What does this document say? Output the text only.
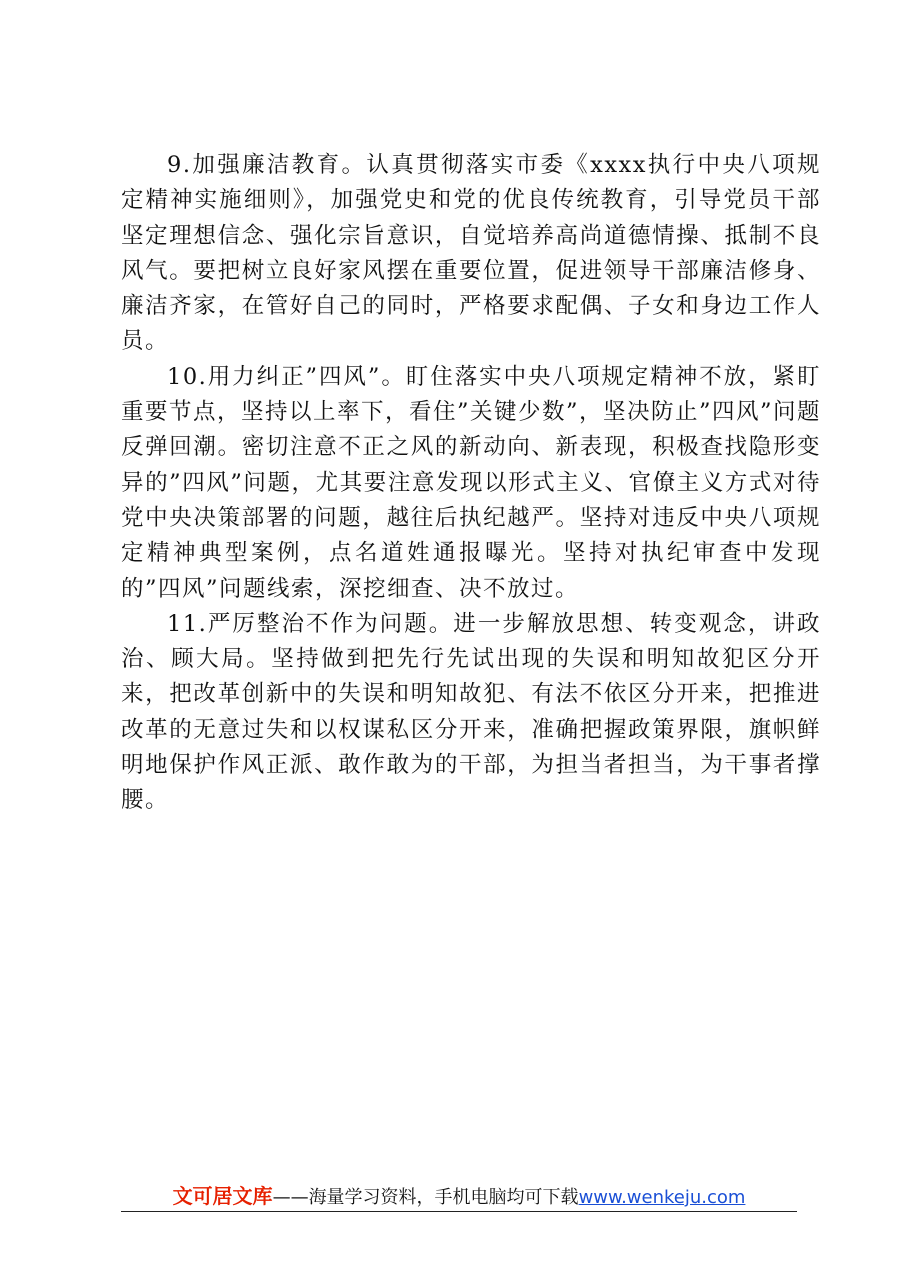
9.加强廉洁教育。认真贯彻落实市委《xxxx执行中央八项规定精神实施细则》，加强党史和党的优良传统教育，引导党员干部坚定理想信念、强化宗旨意识，自觉培养高尚道德情操、抵制不良风气。要把树立良好家风摆在重要位置，促进领导干部廉洁修身、廉洁齐家，在管好自己的同时，严格要求配偶、子女和身边工作人员。

10.用力纠正”四风”。盯住落实中央八项规定精神不放，紧盯重要节点，坚持以上率下，看住”关键少数”，坚决防止”四风”问题反弹回潮。密切注意不正之风的新动向、新表现，积极查找隐形变异的”四风”问题，尤其要注意发现以形式主义、官僚主义方式对待党中央决策部署的问题，越往后执纪越严。坚持对违反中央八项规定精神典型案例，点名道姓通报曝光。坚持对执纪审查中发现的”四风”问题线索，深挖细查、决不放过。

11.严厉整治不作为问题。进一步解放思想、转变观念，讲政治、顾大局。坚持做到把先行先试出现的失误和明知故犯区分开来，把改革创新中的失误和明知故犯、有法不依区分开来，把推进改革的无意过失和以权谋私区分开来，准确把握政策界限，旗帜鲜明地保护作风正派、敢作敢为的干部，为担当者担当，为干事者撑腰。

文可居文库——海量学习资料，手机电脑均可下载www.wenkeju.com
